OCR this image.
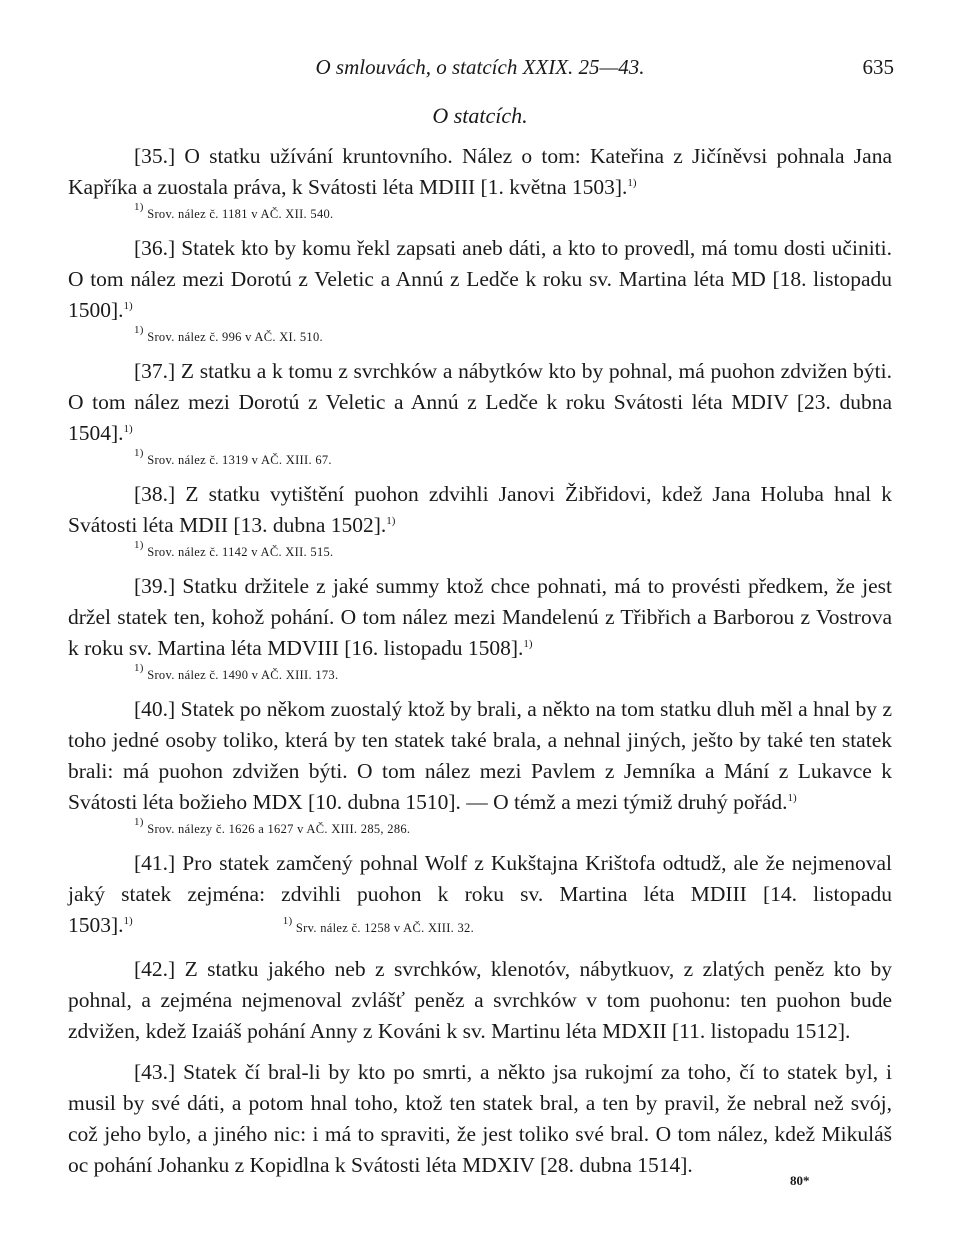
O smlouvách, o statcích XXIX. 25—43.	635
O statcích.

[35.] O statku užívání kruntovního. Nález o tom: Kateřina z Jičíněvsi pohnala Jana Kapříka a zuostala práva, k Svátosti léta MDIII [1. května 1503].$^{1)}$

$^{1)}$ Srov. nález č. 1181 v AČ. XII. 540.

[36.] Statek kto by komu řekl zapsati aneb dáti, a kto to provedl, má tomu dosti učiniti. O tom nález mezi Dorotú z Veletic a Annú z Ledče k roku sv. Martina léta MD [18. listopadu 1500].$^{1)}$

$^{1)}$ Srov. nález č. 996 v AČ. XI. 510.

[37.] Z statku a k tomu z svrchków a nábytków kto by pohnal, má puohon zdvižen býti. O tom nález mezi Dorotú z Veletic a Annú z Ledče k roku Svátosti léta MDIV [23. dubna 1504].$^{1)}$

$^{1)}$ Srov. nález č. 1319 v AČ. XIII. 67.

[38.] Z statku vytištění puohon zdvihli Janovi Žibřidovi, kdež Jana Holuba hnal k Svátosti léta MDII [13. dubna 1502].$^{1)}$

$^{1)}$ Srov. nález č. 1142 v AČ. XII. 515.

[39.] Statku držitele z jaké summy ktož chce pohnati, má to provésti předkem, že jest držel statek ten, kohož pohání. O tom nález mezi Mandelenú z Třibřich a Barborou z Vostrova k roku sv. Martina léta MDVIII [16. listopadu 1508].$^{1)}$

$^{1)}$ Srov. nález č. 1490 v AČ. XIII. 173.

[40.] Statek po někom zuostalý ktož by brali, a někto na tom statku dluh měl a hnal by z toho jedné osoby toliko, která by ten statek také brala, a nehnal jiných, ješto by také ten statek brali: má puohon zdvižen býti. O tom nález mezi Pavlem z Jemníka a Mání z Lukavce k Svátosti léta božieho MDX [10. dubna 1510]. — O témž a mezi týmiž druhý pořád.$^{1)}$

$^{1)}$ Srov. nálezy č. 1626 a 1627 v AČ. XIII. 285, 286.

[41.] Pro statek zamčený pohnal Wolf z Kukštajna Krištofa odtudž, ale že nejmenoval jaký statek zejména: zdvihli puohon k roku sv. Martina léta MDIII [14. listopadu 1503].$^{1)}$	$^{1)}$ Srv. nález č. 1258 v AČ. XIII. 32.

[42.] Z statku jakého neb z svrchków, klenotóv, nábytkuov, z zlatých peněz kto by pohnal, a zejména nejmenoval zvlášť peněz a svrchków v tom puohonu: ten puohon bude zdvižen, kdež Izaiáš pohání Anny z Kováni k sv. Martinu léta MDXII [11. listopadu 1512].

[43.] Statek čí bral-li by kto po smrti, a někto jsa rukojmí za toho, čí to statek byl, i musil by své dáti, a potom hnal toho, ktož ten statek bral, a ten by pravil, že nebral než svój, což jeho bylo, a jiného nic: i má to spraviti, že jest toliko své bral. O tom nález, kdež Mikuláš oc pohání Johanku z Kopidlna k Svátosti léta MDXIV [28. dubna 1514].

80*
